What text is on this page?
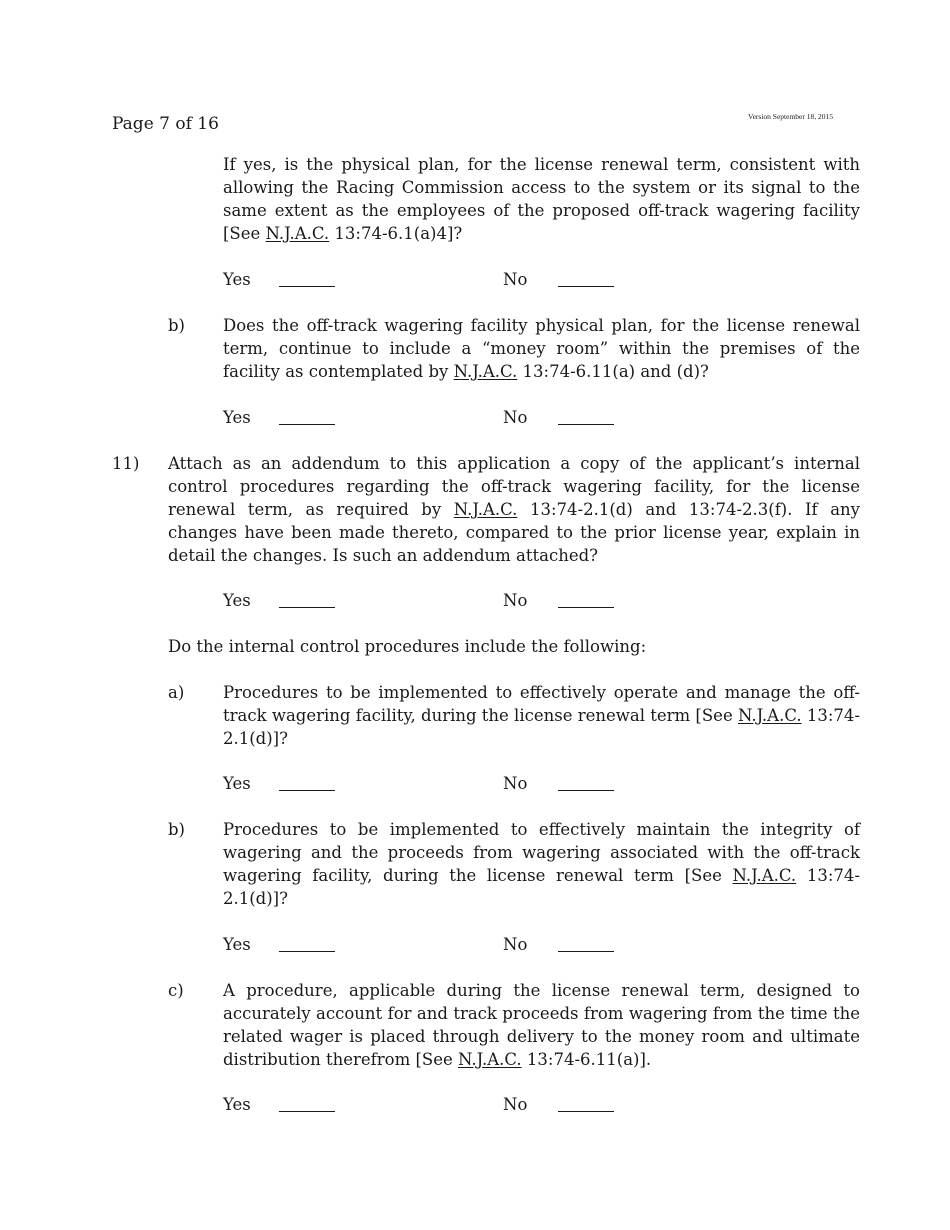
Page 7 of 16	Version September 18, 2015

If yes, is the physical plan, for the license renewal term, consistent with allowing the Racing Commission access to the system or its signal to the same extent as the employees of the proposed off-track wagering facility [See N.J.A.C. 13:74-6.1(a)4]?

Yes	No
b) Does the off-track wagering facility physical plan, for the license renewal term, continue to include a “money room” within the premises of the facility as contemplated by N.J.A.C. 13:74-6.11(a) and (d)?

Yes	No
11) Attach as an addendum to this application a copy of the applicant’s internal control procedures regarding the off-track wagering facility, for the license renewal term, as required by N.J.A.C. 13:74-2.1(d) and 13:74-2.3(f). If any changes have been made thereto, compared to the prior license year, explain in detail the changes. Is such an addendum attached?

Yes	No
Do the internal control procedures include the following:
a) Procedures to be implemented to effectively operate and manage the off-track wagering facility, during the license renewal term [See N.J.A.C. 13:74-2.1(d)]?

Yes	No
b) Procedures to be implemented to effectively maintain the integrity of wagering and the proceeds from wagering associated with the off-track wagering facility, during the license renewal term [See N.J.A.C. 13:74-2.1(d)]?

Yes	No
c) A procedure, applicable during the license renewal term, designed to accurately account for and track proceeds from wagering from the time the related wager is placed through delivery to the money room and ultimate distribution therefrom [See N.J.A.C. 13:74-6.11(a)].

Yes	No
